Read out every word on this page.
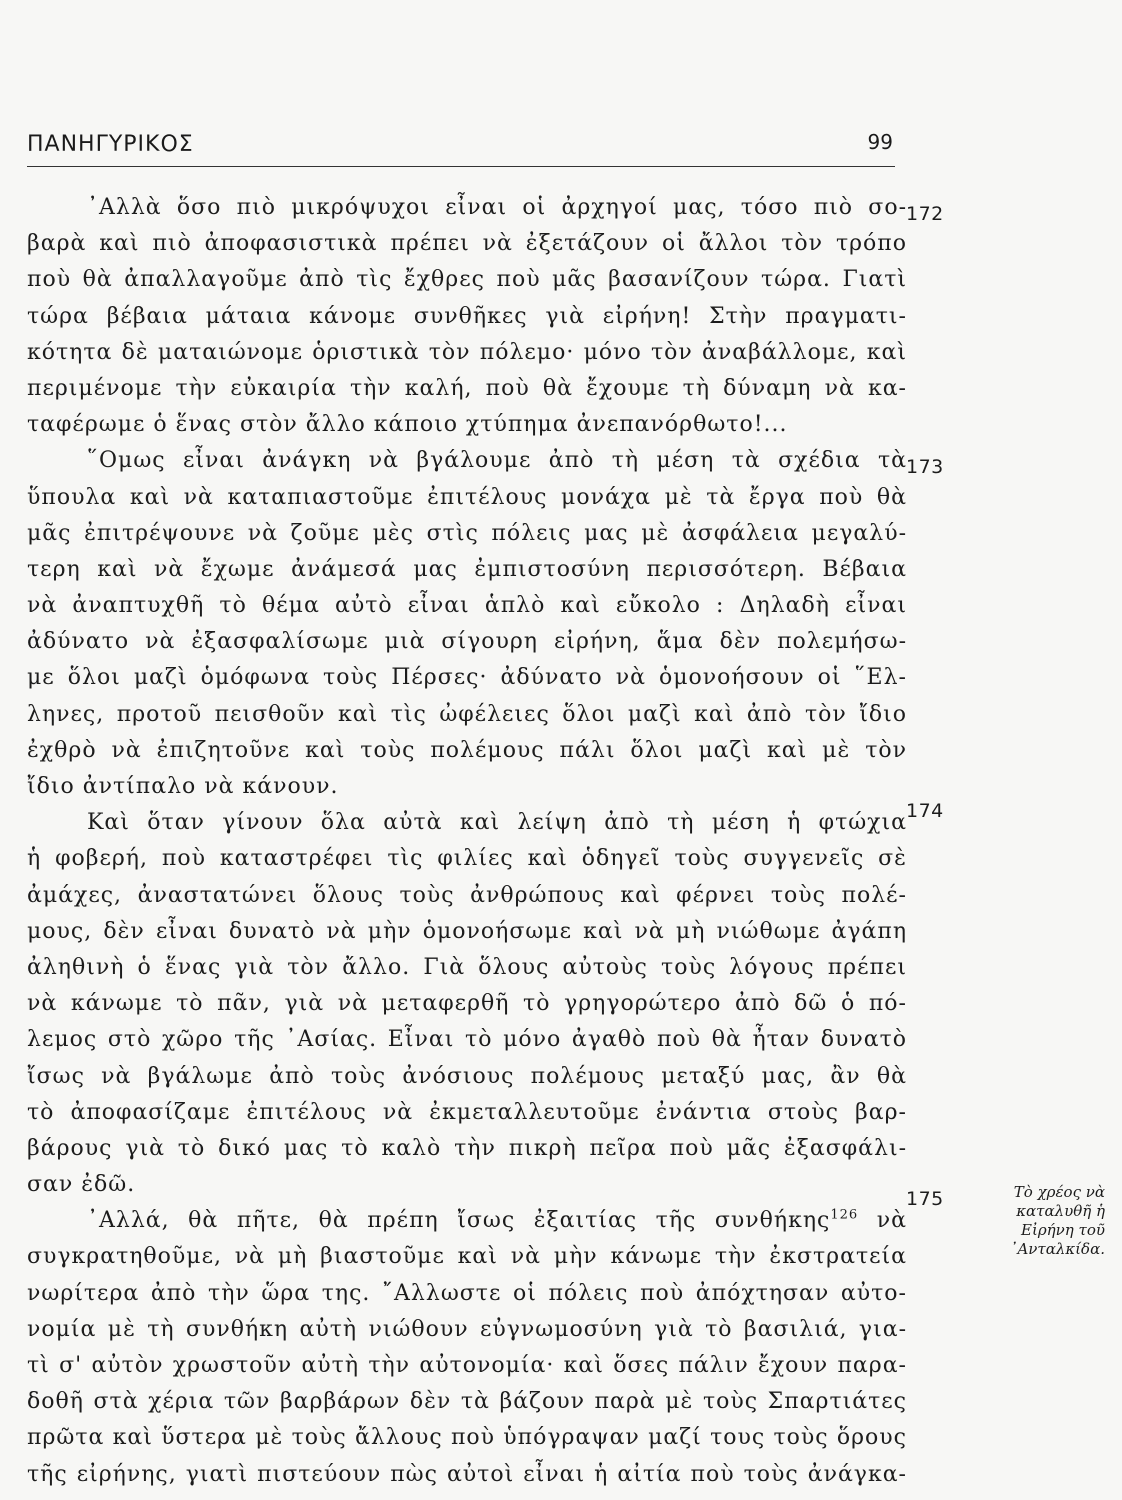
ΠΑΝΗΓΥΡΙΚΟΣ	99
᾿Αλλὰ ὅσο πιὸ μικρόψυχοι εἶναι οἱ ἀρχηγοί μας, τόσο πιὸ σο-
βαρὰ καὶ πιὸ ἀποφασιστικὰ πρέπει νὰ ἐξετάζουν οἱ ἄλλοι τὸν τρόπο
ποὺ θὰ ἀπαλλαγοῦμε ἀπὸ τὶς ἔχθρες ποὺ μᾶς βασανίζουν τώρα. Γιατὶ
τώρα βέβαια μάταια κάνομε συνθῆκες γιὰ εἰρήνη! Στὴν πραγματι-
κότητα δὲ ματαιώνομε ὁριστικὰ τὸν πόλεμο· μόνο τὸν ἀναβάλλομε, καὶ
περιμένομε τὴν εὐκαιρία τὴν καλή, ποὺ θὰ ἔχουμε τὴ δύναμη νὰ κα-
ταφέρωμε ὁ ἕνας στὸν ἄλλο κάποιο χτύπημα ἀνεπανόρθωτο!...
῞Ομως εἶναι ἀνάγκη νὰ βγάλουμε ἀπὸ τὴ μέση τὰ σχέδια τὰ
ὕπουλα καὶ νὰ καταπιαστοῦμε ἐπιτέλους μονάχα μὲ τὰ ἔργα ποὺ θὰ
μᾶς ἐπιτρέψουνε νὰ ζοῦμε μὲς στὶς πόλεις μας μὲ ἀσφάλεια μεγαλύ-
τερη καὶ νὰ ἔχωμε ἀνάμεσά μας ἐμπιστοσύνη περισσότερη. Βέβαια
νὰ ἀναπτυχθῆ τὸ θέμα αὐτὸ εἶναι ἁπλὸ καὶ εὔκολο : Δηλαδὴ εἶναι
ἀδύνατο νὰ ἐξασφαλίσωμε μιὰ σίγουρη εἰρήνη, ἅμα δὲν πολεμήσω-
με ὅλοι μαζὶ ὁμόφωνα τοὺς Πέρσες· ἀδύνατο νὰ ὁμονοήσουν οἱ ῞Ελ-
ληνες, προτοῦ πεισθοῦν καὶ τὶς ὠφέλειες ὅλοι μαζὶ καὶ ἀπὸ τὸν ἴδιο
ἐχθρὸ νὰ ἐπιζητοῦνε καὶ τοὺς πολέμους πάλι ὅλοι μαζὶ καὶ μὲ τὸν
ἴδιο ἀντίπαλο νὰ κάνουν.
Καὶ ὅταν γίνουν ὅλα αὐτὰ καὶ λείψη ἀπὸ τὴ μέση ἡ φτώχια
ἡ φοβερή, ποὺ καταστρέφει τὶς φιλίες καὶ ὁδηγεῖ τοὺς συγγενεῖς σὲ
ἀμάχες, ἀναστατώνει ὅλους τοὺς ἀνθρώπους καὶ φέρνει τοὺς πολέ-
μους, δὲν εἶναι δυνατὸ νὰ μὴν ὁμονοήσωμε καὶ νὰ μὴ νιώθωμε ἀγάπη
ἀληθινὴ ὁ ἕνας γιὰ τὸν ἄλλο. Γιὰ ὅλους αὐτοὺς τοὺς λόγους πρέπει
νὰ κάνωμε τὸ πᾶν, γιὰ νὰ μεταφερθῆ τὸ γρηγορώτερο ἀπὸ δῶ ὁ πό-
λεμος στὸ χῶρο τῆς ᾿Ασίας. Εἶναι τὸ μόνο ἀγαθὸ ποὺ θὰ ἦταν δυνατὸ
ἴσως νὰ βγάλωμε ἀπὸ τοὺς ἀνόσιους πολέμους μεταξύ μας, ἂν θὰ
τὸ ἀποφασίζαμε ἐπιτέλους νὰ ἐκμεταλλευτοῦμε ἐνάντια στοὺς βαρ-
βάρους γιὰ τὸ δικό μας τὸ καλὸ τὴν πικρὴ πεῖρα ποὺ μᾶς ἐξασφάλι-
σαν ἐδῶ.
᾿Αλλά, θὰ πῆτε, θὰ πρέπη ἴσως ἐξαιτίας τῆς συνθήκης$^{126}$ νὰ
συγκρατηθοῦμε, νὰ μὴ βιαστοῦμε καὶ νὰ μὴν κάνωμε τὴν ἐκστρατεία
νωρίτερα ἀπὸ τὴν ὥρα της. ῎Αλλωστε οἱ πόλεις ποὺ ἀπόχτησαν αὐτο-
νομία μὲ τὴ συνθήκη αὐτὴ νιώθουν εὐγνωμοσύνη γιὰ τὸ βασιλιά, για-
τὶ σ' αὐτὸν χρωστοῦν αὐτὴ τὴν αὐτονομία· καὶ ὅσες πάλιν ἔχουν παρα-
δοθῆ στὰ χέρια τῶν βαρβάρων δὲν τὰ βάζουν παρὰ μὲ τοὺς Σπαρτιάτες
πρῶτα καὶ ὕστερα μὲ τοὺς ἄλλους ποὺ ὑπόγραψαν μαζί τους τοὺς ὅρους
τῆς εἰρήνης, γιατὶ πιστεύουν πὼς αὐτοὶ εἶναι ἡ αἰτία ποὺ τοὺς ἀνάγκα-
172
173
174
175	Τὸ χρέος νὰ
καταλυθῆ ἡ
Εἰρήνη τοῦ
᾿Ανταλκίδα.
